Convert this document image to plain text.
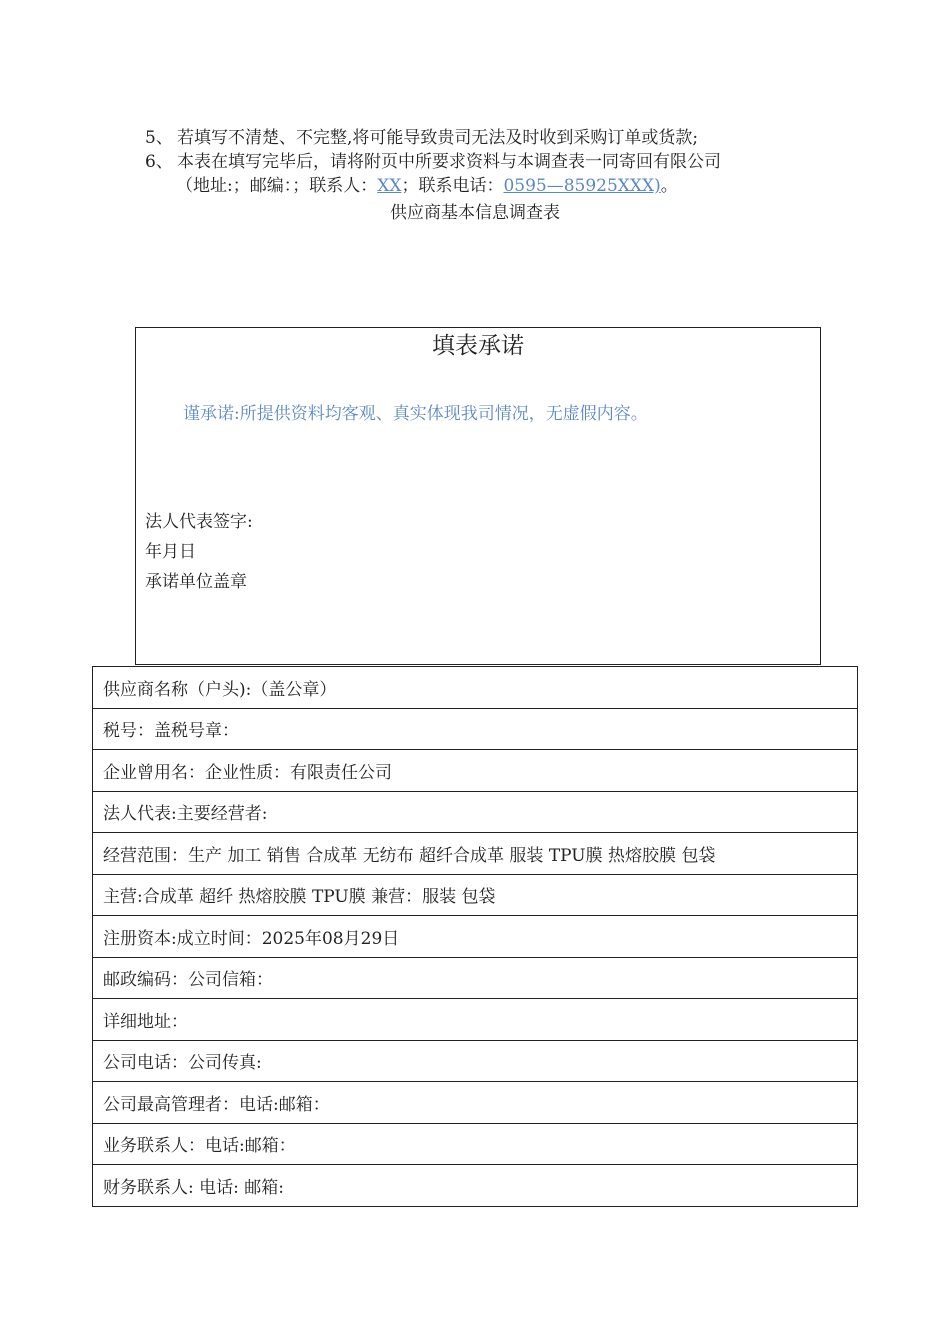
5、 若填写不清楚、不完整,将可能导致贵司无法及时收到采购订单或货款;
6、 本表在填写完毕后，请将附页中所要求资料与本调查表一同寄回有限公司
（地址:；邮编：；联系人：XX；联系电话：0595—85925XXX)。
供应商基本信息调查表
填表承诺
谨承诺:所提供资料均客观、真实体现我司情况，无虚假内容。
法人代表签字:
年月日
承诺单位盖章
供应商名称（户头):（盖公章）
税号：盖税号章：
企业曾用名：企业性质：有限责任公司
法人代表:主要经营者:
经营范围：生产 加工 销售 合成革 无纺布 超纤合成革 服装 TPU膜 热熔胶膜 包袋
主营:合成革 超纤 热熔胶膜 TPU膜 兼营：服装 包袋
注册资本:成立时间：2025年08月29日
邮政编码：公司信箱：
详细地址：
公司电话：公司传真:
公司最高管理者：电话:邮箱：
业务联系人：电话:邮箱：
财务联系人: 电话: 邮箱:
